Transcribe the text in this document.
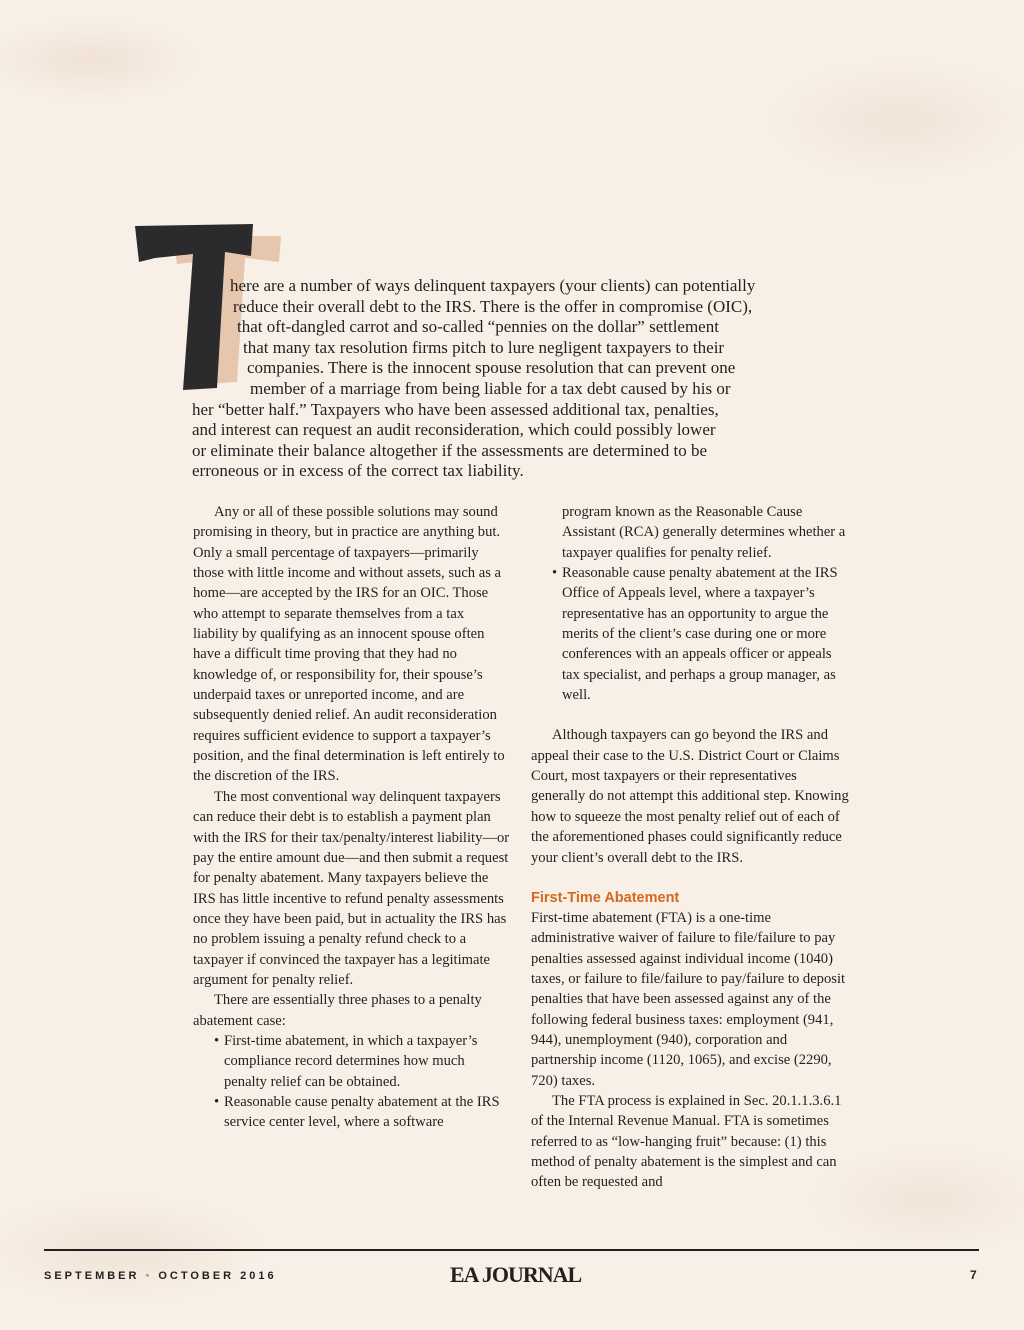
here are a number of ways delinquent taxpayers (your clients) can potentially
reduce their overall debt to the IRS. There is the offer in compromise (OIC),
that oft-dangled carrot and so-called “pennies on the dollar” settlement
that many tax resolution firms pitch to lure negligent taxpayers to their
companies. There is the innocent spouse resolution that can prevent one
member of a marriage from being liable for a tax debt caused by his or
her “better half.” Taxpayers who have been assessed additional tax, penalties,
and interest can request an audit reconsideration, which could possibly lower
or eliminate their balance altogether if the assessments are determined to be
erroneous or in excess of the correct tax liability.

Any or all of these possible solutions may sound promising in theory, but in practice are anything but. Only a small percentage of taxpayers—primarily those with little income and without assets, such as a home—are accepted by the IRS for an OIC. Those who attempt to separate themselves from a tax liability by qualifying as an innocent spouse often have a difficult time proving that they had no knowledge of, or responsibility for, their spouse’s underpaid taxes or unreported income, and are subsequently denied relief. An audit reconsideration requires sufficient evidence to support a taxpayer’s position, and the final determination is left entirely to the discretion of the IRS.

The most conventional way delinquent taxpayers can reduce their debt is to establish a payment plan with the IRS for their tax/penalty/interest liability—or pay the entire amount due—and then submit a request for penalty abatement. Many taxpayers believe the IRS has little incentive to refund penalty assessments once they have been paid, but in actuality the IRS has no problem issuing a penalty refund check to a taxpayer if convinced the taxpayer has a legitimate argument for penalty relief.

There are essentially three phases to a penalty abatement case:

• First-time abatement, in which a taxpayer’s compliance record determines how much penalty relief can be obtained.

• Reasonable cause penalty abatement at the IRS service center level, where a software

program known as the Reasonable Cause Assistant (RCA) generally determines whether a taxpayer qualifies for penalty relief.

• Reasonable cause penalty abatement at the IRS Office of Appeals level, where a taxpayer’s representative has an opportunity to argue the merits of the client’s case during one or more conferences with an appeals officer or appeals tax specialist, and perhaps a group manager, as well.

Although taxpayers can go beyond the IRS and appeal their case to the U.S. District Court or Claims Court, most taxpayers or their representatives generally do not attempt this additional step. Knowing how to squeeze the most penalty relief out of each of the aforementioned phases could significantly reduce your client’s overall debt to the IRS.

First-Time Abatement

First-time abatement (FTA) is a one-time administrative waiver of failure to file/failure to pay penalties assessed against individual income (1040) taxes, or failure to file/failure to pay/failure to deposit penalties that have been assessed against any of the following federal business taxes: employment (941, 944), unemployment (940), corporation and partnership income (1120, 1065), and excise (2290, 720) taxes.

The FTA process is explained in Sec. 20.1.1.3.6.1 of the Internal Revenue Manual. FTA is sometimes referred to as “low-hanging fruit” because: (1) this method of penalty abatement is the simplest and can often be requested and

SEPTEMBER • OCTOBER 2016	EA JOURNAL	7
